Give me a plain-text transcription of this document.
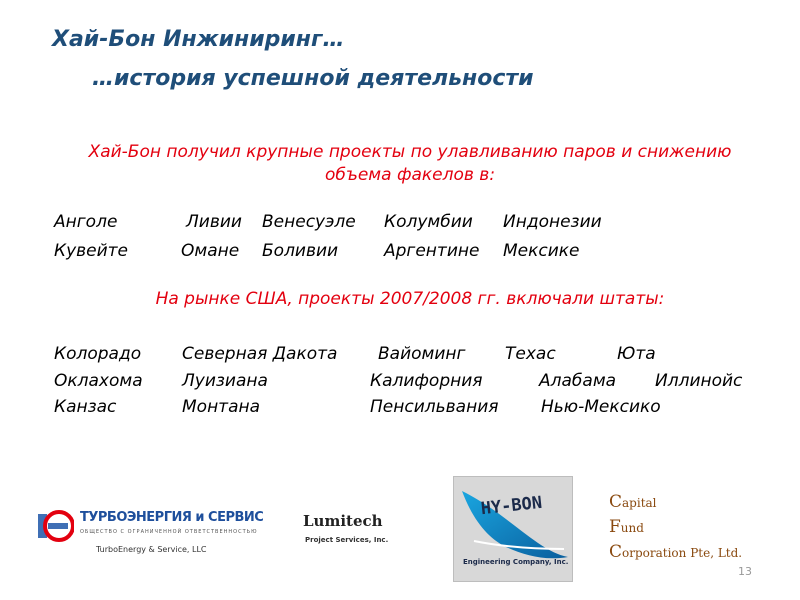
Хай-Бон Инжиниринг…
…история успешной деятельности
Хай-Бон получил крупные проекты по улавливанию паров и снижению объема факелов в:
Анголе	Ливии Венесуэле Колумбии Индонезии
Кувейте	Омане Боливии	Аргентине Мексике
На рынке США, проекты 2007/2008 гг. включали штаты:
Колорадо Северная Дакота Вайоминг Техас	Юта
Оклахома Луизиана	Калифорния	Алабама Иллинойс
Канзас	Монтана	Пенсильвания	Нью-Мексико
ТУРБОЭНЕРГИЯ и СЕРВИС
ОБЩЕСТВО С ОГРАНИЧЕННОЙ ОТВЕТСТВЕННОСТЬЮ
TurboEnergy & Service, LLC
Lumitech
Project Services, Inc.
HY-BON
Engineering Company, Inc.
Capital
Fund
Corporation Pte, Ltd.
13
